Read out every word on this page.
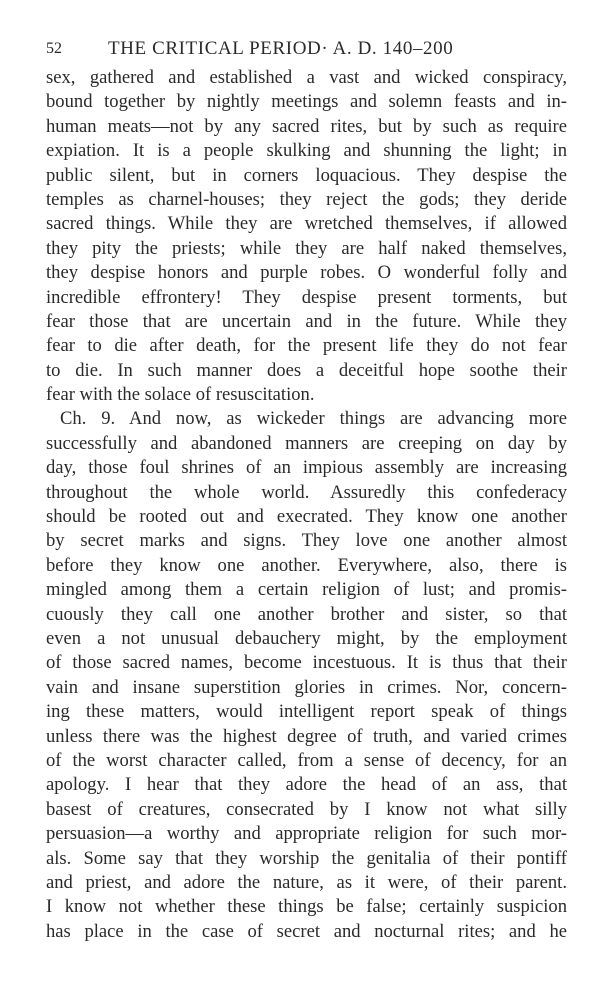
52 THE CRITICAL PERIOD· A. D. 140–200
sex, gathered and established a vast and wicked conspiracy,
bound together by nightly meetings and solemn feasts and in-
human meats—not by any sacred rites, but by such as require
expiation. It is a people skulking and shunning the light; in
public silent, but in corners loquacious. They despise the
temples as charnel-houses; they reject the gods; they deride
sacred things. While they are wretched themselves, if allowed
they pity the priests; while they are half naked themselves,
they despise honors and purple robes. O wonderful folly and
incredible effrontery! They despise present torments, but
fear those that are uncertain and in the future. While they
fear to die after death, for the present life they do not fear
to die. In such manner does a deceitful hope soothe their
fear with the solace of resuscitation.
Ch. 9. And now, as wickeder things are advancing more
successfully and abandoned manners are creeping on day by
day, those foul shrines of an impious assembly are increasing
throughout the whole world. Assuredly this confederacy
should be rooted out and execrated. They know one another
by secret marks and signs. They love one another almost
before they know one another. Everywhere, also, there is
mingled among them a certain religion of lust; and promis-
cuously they call one another brother and sister, so that
even a not unusual debauchery might, by the employment
of those sacred names, become incestuous. It is thus that their
vain and insane superstition glories in crimes. Nor, concern-
ing these matters, would intelligent report speak of things
unless there was the highest degree of truth, and varied crimes
of the worst character called, from a sense of decency, for an
apology. I hear that they adore the head of an ass, that
basest of creatures, consecrated by I know not what silly
persuasion—a worthy and appropriate religion for such mor-
als. Some say that they worship the genitalia of their pontiff
and priest, and adore the nature, as it were, of their parent.
I know not whether these things be false; certainly suspicion
has place in the case of secret and nocturnal rites; and he
